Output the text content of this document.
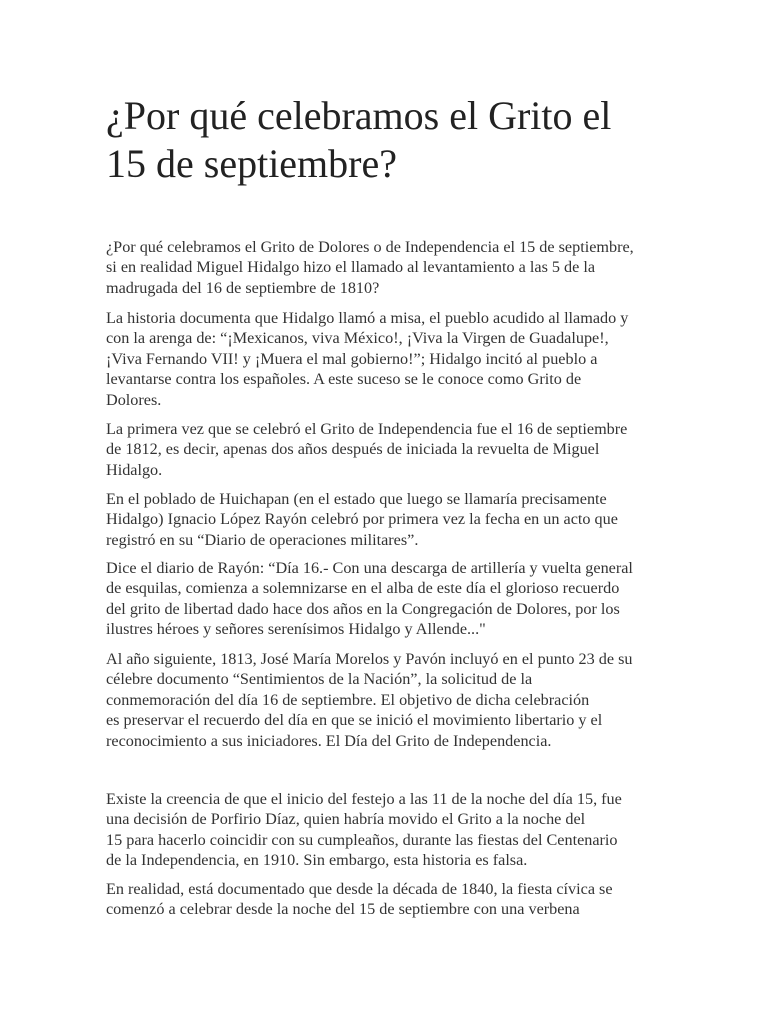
¿Por qué celebramos el Grito el
15 de septiembre?

¿Por qué celebramos el Grito de Dolores o de Independencia el 15 de septiembre,
si en realidad Miguel Hidalgo hizo el llamado al levantamiento a las 5 de la
madrugada del 16 de septiembre de 1810?

La historia documenta que Hidalgo llamó a misa, el pueblo acudido al llamado y
con la arenga de: “¡Mexicanos, viva México!, ¡Viva la Virgen de Guadalupe!,
¡Viva Fernando VII! y ¡Muera el mal gobierno!”; Hidalgo incitó al pueblo a
levantarse contra los españoles. A este suceso se le conoce como Grito de
Dolores.

La primera vez que se celebró el Grito de Independencia fue el 16 de septiembre
de 1812, es decir, apenas dos años después de iniciada la revuelta de Miguel
Hidalgo.

En el poblado de Huichapan (en el estado que luego se llamaría precisamente
Hidalgo) Ignacio López Rayón celebró por primera vez la fecha en un acto que
registró en su “Diario de operaciones militares”.

Dice el diario de Rayón: “Día 16.- Con una descarga de artillería y vuelta general
de esquilas, comienza a solemnizarse en el alba de este día el glorioso recuerdo
del grito de libertad dado hace dos años en la Congregación de Dolores, por los
ilustres héroes y señores serenísimos Hidalgo y Allende..."

Al año siguiente, 1813, José María Morelos y Pavón incluyó en el punto 23 de su
célebre documento “Sentimientos de la Nación”, la solicitud de la
conmemoración del día 16 de septiembre. El objetivo de dicha celebración
es preservar el recuerdo del día en que se inició el movimiento libertario y el
reconocimiento a sus iniciadores. El Día del Grito de Independencia.

Existe la creencia de que el inicio del festejo a las 11 de la noche del día 15, fue
una decisión de Porfirio Díaz, quien habría movido el Grito a la noche del
15 para hacerlo coincidir con su cumpleaños, durante las fiestas del Centenario
de la Independencia, en 1910. Sin embargo, esta historia es falsa.

En realidad, está documentado que desde la década de 1840, la fiesta cívica se
comenzó a celebrar desde la noche del 15 de septiembre con una verbena
